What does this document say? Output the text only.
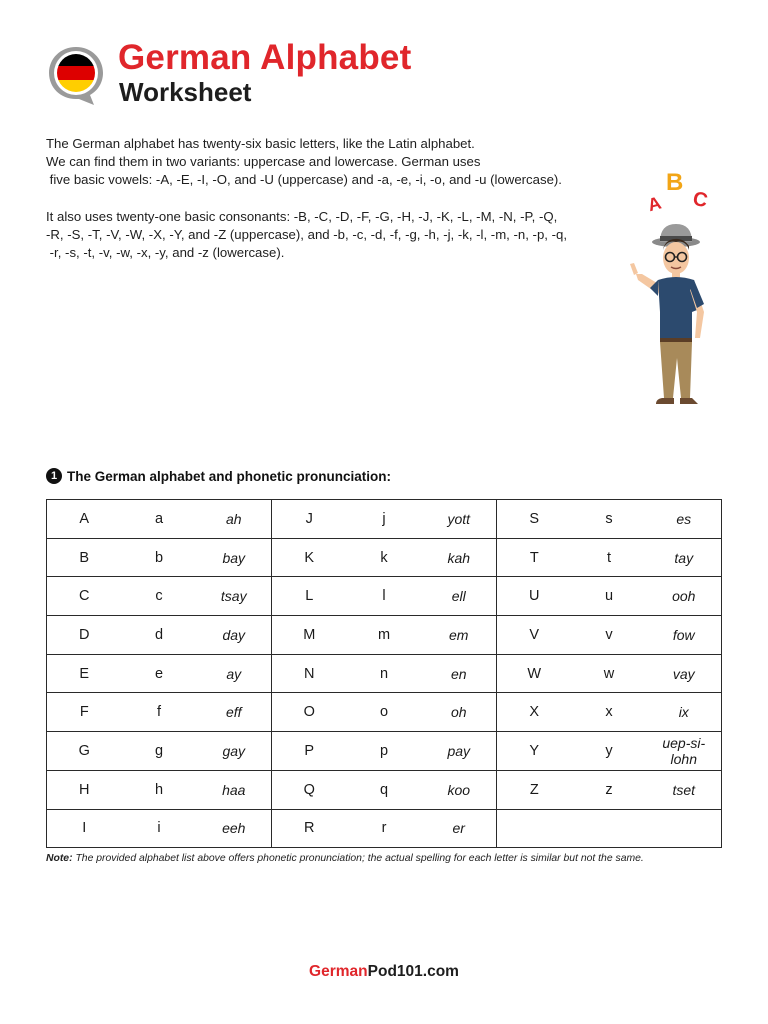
German Alphabet
Worksheet
The German alphabet has twenty-six basic letters, like the Latin alphabet.
We can find them in two variants: uppercase and lowercase. German uses
five basic vowels: -A, -E, -I, -O, and -U (uppercase) and -a, -e, -i, -o, and -u (lowercase).
It also uses twenty-one basic consonants: -B, -C, -D, -F, -G, -H, -J, -K, -L, -M, -N, -P, -Q,
-R, -S, -T, -V, -W, -X, -Y, and -Z (uppercase), and -b, -c, -d, -f, -g, -h, -j, -k, -l, -m, -n, -p, -q,
-r, -s, -t, -v, -w, -x, -y, and -z (lowercase).
A
B
C
1 The German alphabet and phonetic pronunciation:
A	a	ah	J	j	yott	S	s	es
B	b	bay	K	k	kah	T	t	tay
C	c	tsay	L	l	ell	U	u	ooh
D	d	day	M	m	em	V	v	fow
E	e	ay	N	n	en	W	w	vay
F	f	eff	O	o	oh	X	x	ix
G	g	gay	P	p	pay	Y	y	uep-si-lohn
H	h	haa	Q	q	koo	Z	z	tset
I	i	eeh	R	r	er			
Note: The provided alphabet list above offers phonetic pronunciation; the actual spelling for each letter is similar but not the same.
GermanPod101.com
